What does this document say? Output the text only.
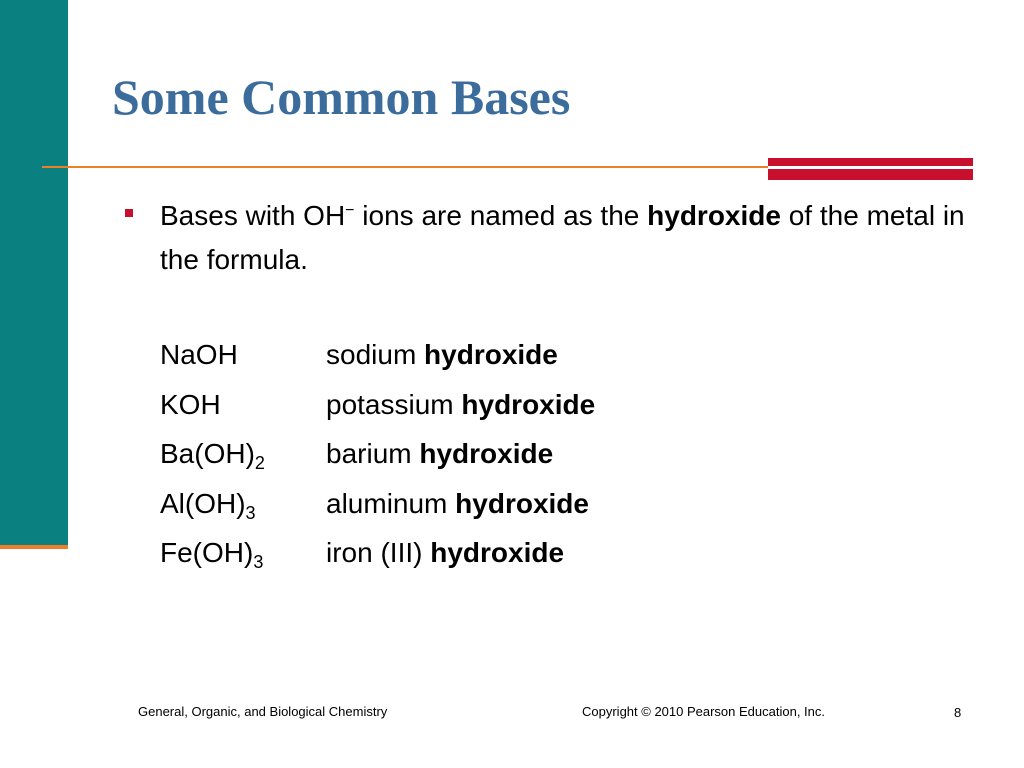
Some Common Bases
Bases with OH− ions are named as the hydroxide of the metal in the formula.
NaOH	sodium hydroxide
KOH	potassium hydroxide
$Ba(OH)_2$ barium hydroxide
$Al(OH)_3$	aluminum hydroxide
$Fe(OH)_3$ iron (III) hydroxide
General, Organic, and Biological Chemistry	Copyright © 2010 Pearson Education, Inc.	8
